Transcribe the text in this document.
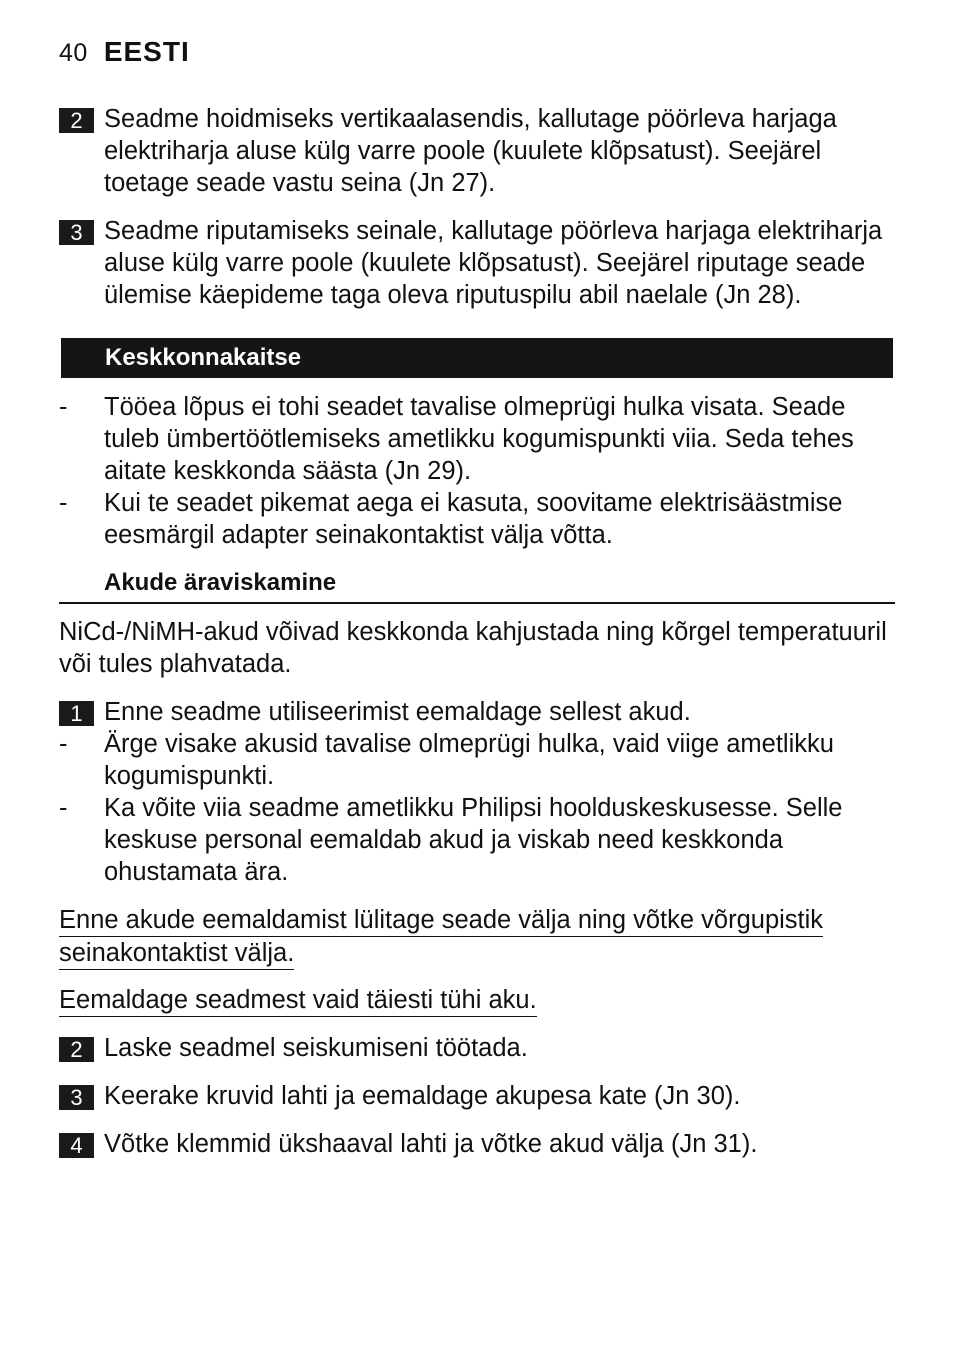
40 EESTI
2 Seadme hoidmiseks vertikaalasendis, kallutage pöörleva harjaga elektriharja aluse külg varre poole (kuulete klõpsatust). Seejärel toetage seade vastu seina (Jn 27).
3 Seadme riputamiseks seinale, kallutage pöörleva harjaga elektriharja aluse külg varre poole (kuulete klõpsatust). Seejärel riputage seade ülemise käepideme taga oleva riputuspilu abil naelale (Jn 28).
Keskkonnakaitse
-	Tööea lõpus ei tohi seadet tavalise olmeprügi hulka visata. Seade tuleb ümbertöötlemiseks ametlikku kogumispunkti viia. Seda tehes aitate keskkonda säästa (Jn 29).
-	Kui te seadet pikemat aega ei kasuta, soovitame elektrisäästmise eesmärgil adapter seinakontaktist välja võtta.
Akude äraviskamine
NiCd-/NiMH-akud võivad keskkonda kahjustada ning kõrgel temperatuuril või tules plahvatada.
1 Enne seadme utiliseerimist eemaldage sellest akud.
-	Ärge visake akusid tavalise olmeprügi hulka, vaid viige ametlikku kogumispunkti.
-	Ka võite viia seadme ametlikku Philipsi hoolduskeskusesse. Selle keskuse personal eemaldab akud ja viskab need keskkonda ohustamata ära.
Enne akude eemaldamist lülitage seade välja ning võtke võrgupistik
seinakontaktist välja.
Eemaldage seadmest vaid täiesti tühi aku.
2 Laske seadmel seiskumiseni töötada.
3 Keerake kruvid lahti ja eemaldage akupesa kate (Jn 30).
4 Võtke klemmid ükshaaval lahti ja võtke akud välja (Jn 31).
